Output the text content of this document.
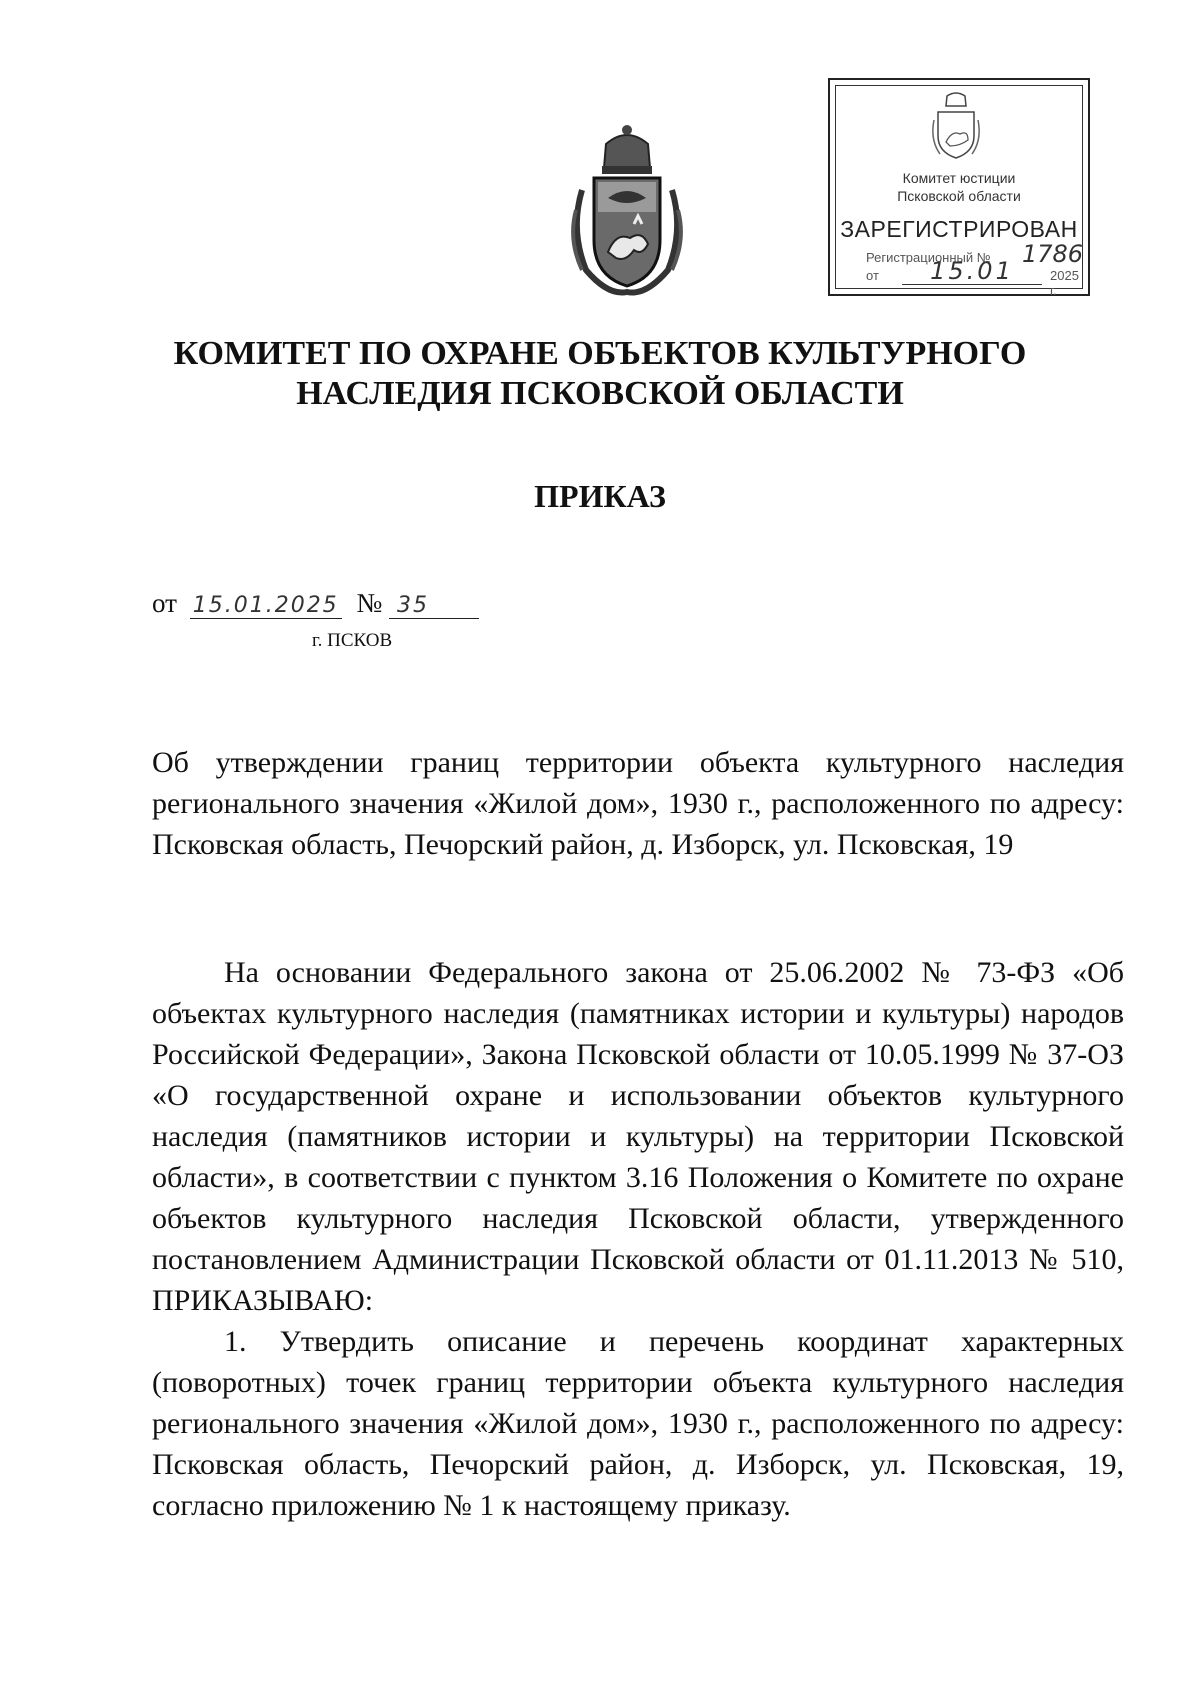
Комитет юстиции
Псковской области
ЗАРЕГИСТРИРОВАН
Регистрационный № 1786
от	15.01	2025 г.
КОМИТЕТ ПО ОХРАНЕ ОБЪЕКТОВ КУЛЬТУРНОГО
НАСЛЕДИЯ ПСКОВСКОЙ ОБЛАСТИ
ПРИКАЗ
от 15.01.2025 № 35
г. ПСКОВ
Об утверждении границ территории объекта культурного наследия регионального значения «Жилой дом», 1930 г., расположенного по адресу: Псковская область, Печорский район, д. Изборск, ул. Псковская, 19

На основании Федерального закона от 25.06.2002 № 73-ФЗ «Об объектах культурного наследия (памятниках истории и культуры) народов Российской Федерации», Закона Псковской области от 10.05.1999 № 37-ОЗ «О государственной охране и использовании объектов культурного наследия (памятников истории и культуры) на территории Псковской области», в соответствии с пунктом 3.16 Положения о Комитете по охране объектов культурного наследия Псковской области, утвержденного постановлением Администрации Псковской области от 01.11.2013 № 510, ПРИКАЗЫВАЮ:

1. Утвердить описание и перечень координат характерных (поворотных) точек границ территории объекта культурного наследия регионального значения «Жилой дом», 1930 г., расположенного по адресу: Псковская область, Печорский район, д. Изборск, ул. Псковская, 19, согласно приложению № 1 к настоящему приказу.
